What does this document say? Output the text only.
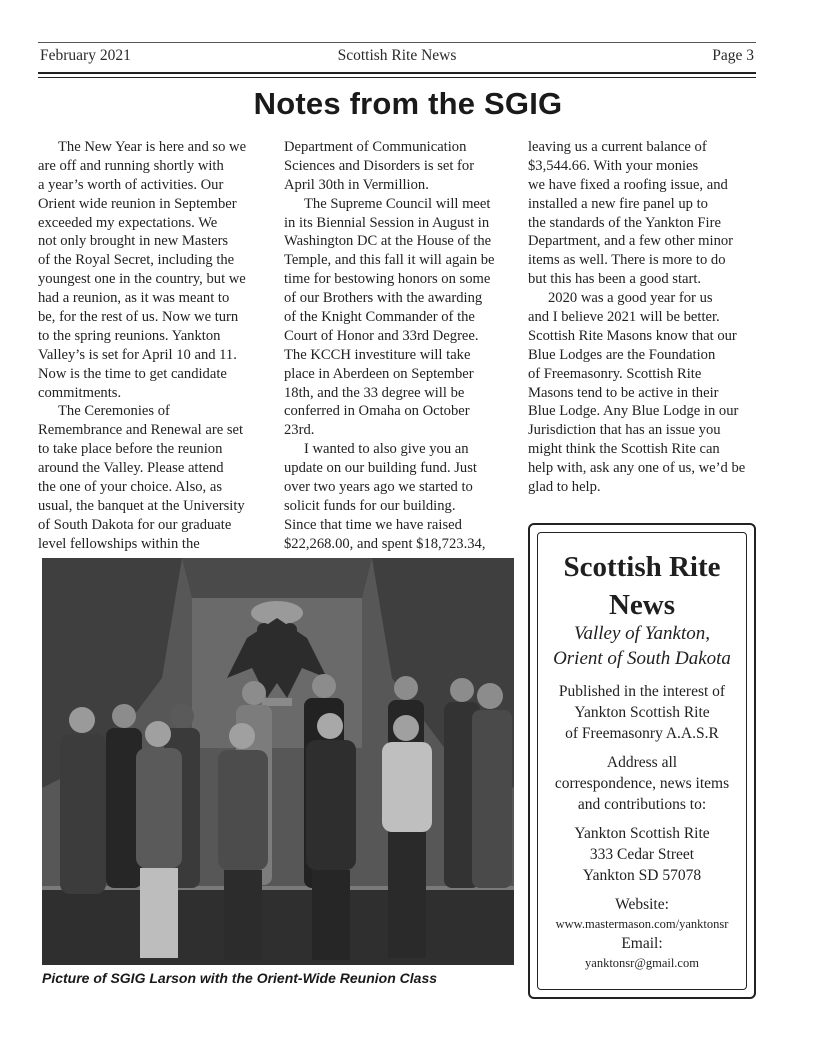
February 2021	Scottish Rite News	Page 3
Notes from the SGIG
The New Year is here and so we
are off and running shortly with
a year’s worth of activities. Our
Orient wide reunion in September
exceeded my expectations. We
not only brought in new Masters
of the Royal Secret, including the
youngest one in the country, but we
had a reunion, as it was meant to
be, for the rest of us. Now we turn
to the spring reunions. Yankton
Valley’s is set for April 10 and 11.
Now is the time to get candidate
commitments.
The Ceremonies of
Remembrance and Renewal are set
to take place before the reunion
around the Valley. Please attend
the one of your choice. Also, as
usual, the banquet at the University
of South Dakota for our graduate
level fellowships within the
Department of Communication
Sciences and Disorders is set for
April 30th in Vermillion.
The Supreme Council will meet
in its Biennial Session in August in
Washington DC at the House of the
Temple, and this fall it will again be
time for bestowing honors on some
of our Brothers with the awarding
of the Knight Commander of the
Court of Honor and 33rd Degree.
The KCCH investiture will take
place in Aberdeen on September
18th, and the 33 degree will be
conferred in Omaha on October
23rd.
I wanted to also give you an
update on our building fund. Just
over two years ago we started to
solicit funds for our building.
Since that time we have raised
$22,268.00, and spent $18,723.34,
leaving us a current balance of
$3,544.66. With your monies
we have fixed a roofing issue, and
installed a new fire panel up to
the standards of the Yankton Fire
Department, and a few other minor
items as well. There is more to do
but this has been a good start.
2020 was a good year for us
and I believe 2021 will be better.
Scottish Rite Masons know that our
Blue Lodges are the Foundation
of Freemasonry. Scottish Rite
Masons tend to be active in their
Blue Lodge. Any Blue Lodge in our
Jurisdiction that has an issue you
might think the Scottish Rite can
help with, ask any one of us, we’d be
glad to help.
Picture of SGIG Larson with the Orient-Wide Reunion Class
Scottish Rite
News
Valley of Yankton,
Orient of South Dakota
Published in the interest of
Yankton Scottish Rite
of Freemasonry A.A.S.R
Address all
correspondence, news items
and contributions to:
Yankton Scottish Rite
333 Cedar Street
Yankton SD 57078
Website:
www.mastermason.com/yanktonsr
Email:
yanktonsr@gmail.com
